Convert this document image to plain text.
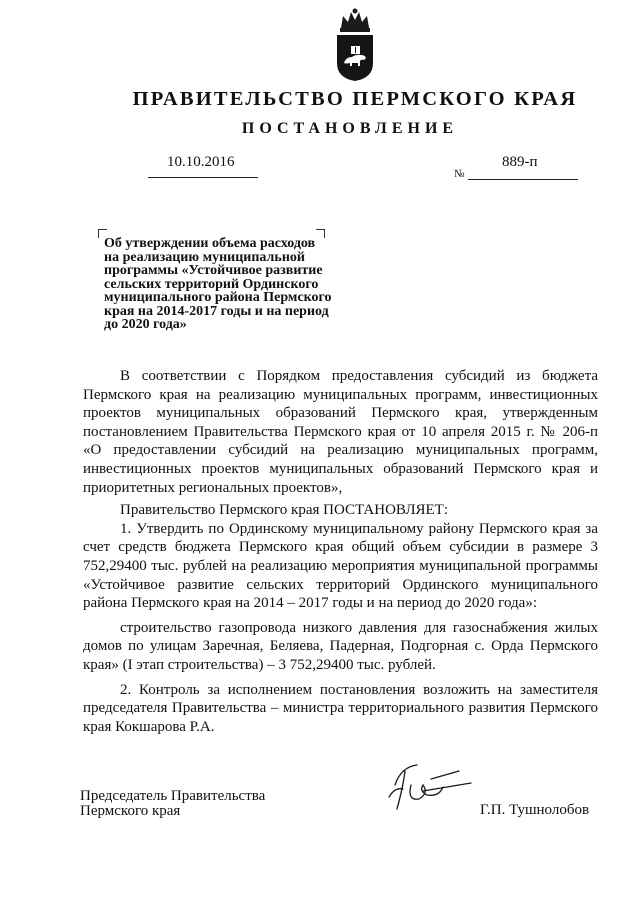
ПРАВИТЕЛЬСТВО ПЕРМСКОГО КРАЯ
ПОСТАНОВЛЕНИЕ
10.10.2016
№
889-п
Об утверждении объема расходов
на реализацию муниципальной
программы «Устойчивое развитие
сельских территорий Ординского
муниципального района Пермского
края на 2014-2017 годы и на период
до 2020 года»

В соответствии с Порядком предоставления субсидий из бюджета Пермского края на реализацию муниципальных программ, инвестиционных проектов муниципальных образований Пермского края, утвержденным постановлением Правительства Пермского края от 10 апреля 2015 г. № 206-п «О предоставлении субсидий на реализацию муниципальных программ, инвестиционных проектов муниципальных образований Пермского края и приоритетных региональных проектов»,

Правительство Пермского края ПОСТАНОВЛЯЕТ:

1. Утвердить по Ординскому муниципальному району Пермского края за счет средств бюджета Пермского края общий объем субсидии в размере 3 752,29400 тыс. рублей на реализацию мероприятия муниципальной программы «Устойчивое развитие сельских территорий Ординского муниципального района Пермского края на 2014 – 2017 годы и на период до 2020 года»:

строительство газопровода низкого давления для газоснабжения жилых домов по улицам Заречная, Беляева, Падерная, Подгорная с. Орда Пермского края» (I этап строительства) – 3 752,29400 тыс. рублей.

2. Контроль за исполнением постановления возложить на заместителя председателя Правительства – министра территориального развития Пермского края Кокшарова Р.А.

Председатель Правительства
Пермского края	Г.П. Тушнолобов
